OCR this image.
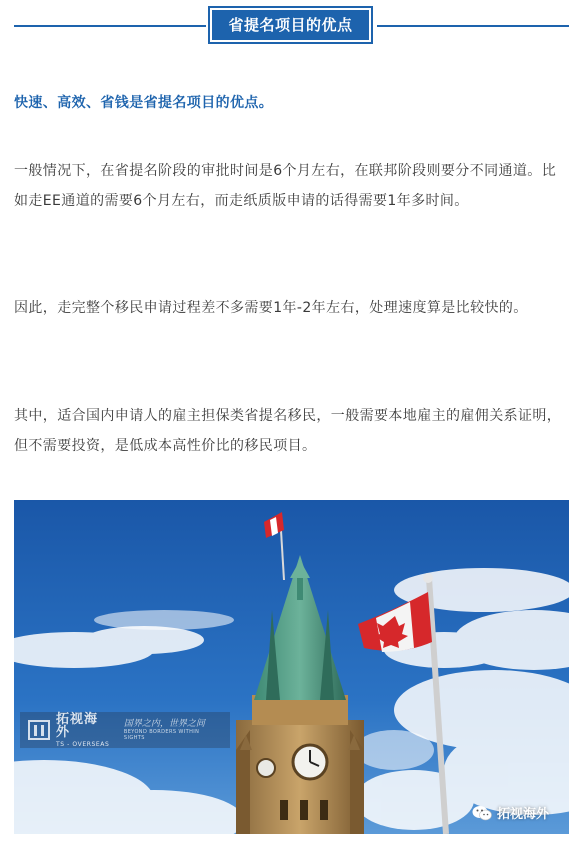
省提名项目的优点

快速、高效、省钱是省提名项目的优点。

一般情况下，在省提名阶段的审批时间是6个月左右，在联邦阶段则要分不同通道。比如走EE通道的需要6个月左右，而走纸质版申请的话得需要1年多时间。

因此，走完整个移民申请过程差不多需要1年-2年左右，处理速度算是比较快的。

其中，适合国内申请人的雇主担保类省提名移民，一般需要本地雇主的雇佣关系证明，但不需要投资，是低成本高性价比的移民项目。

拓视海外
TS - OVERSEAS
国界之内，世界之间
BEYOND BORDERS WITHIN SIGHTS
拓视海外
